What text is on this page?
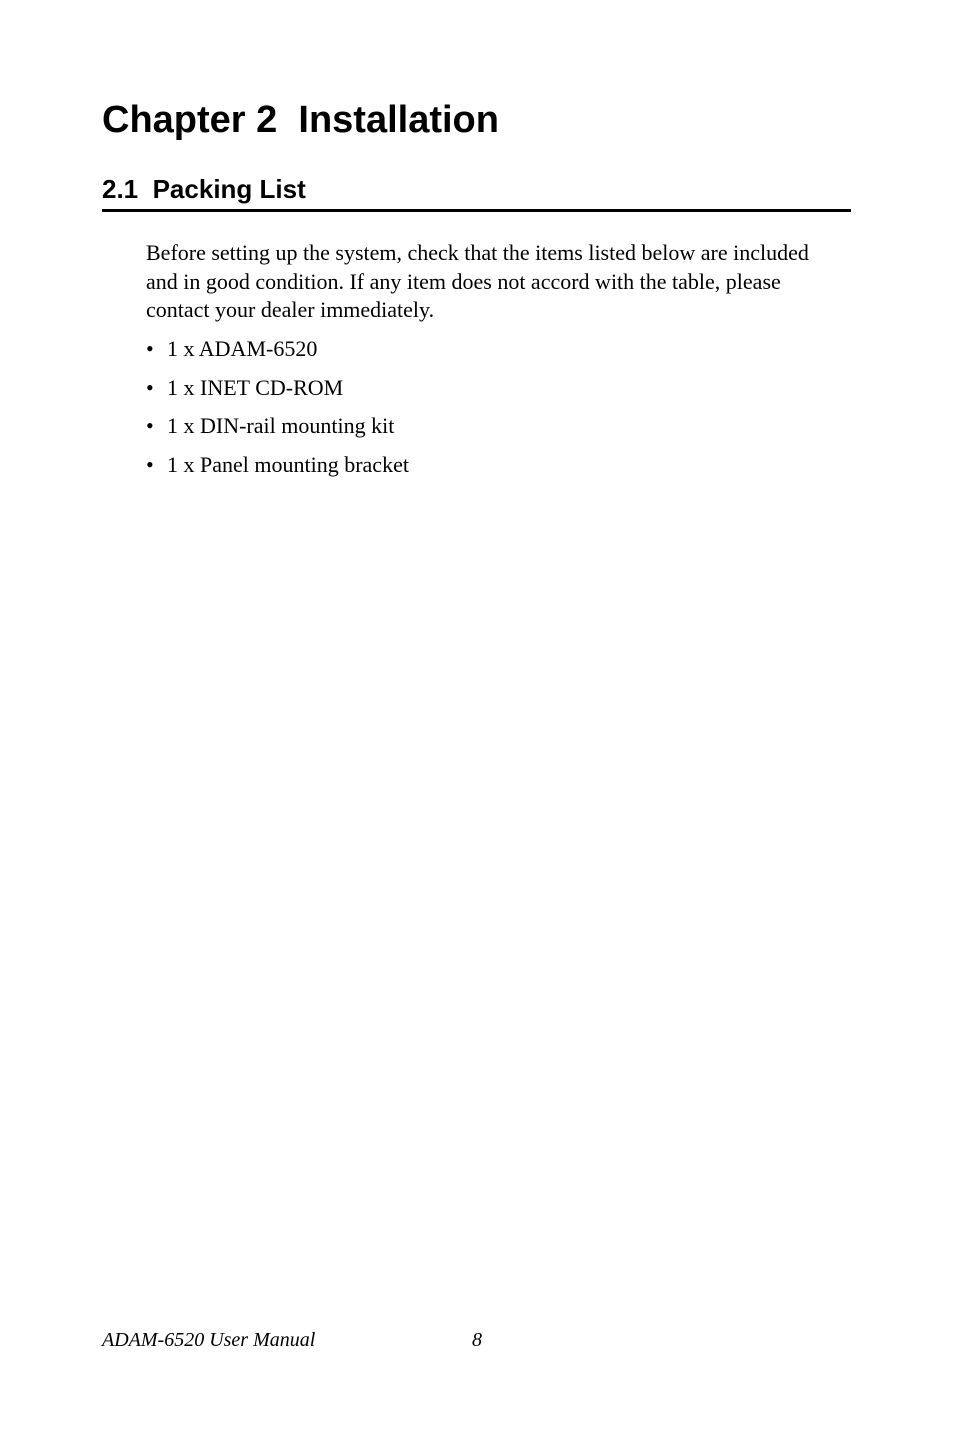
Chapter 2  Installation
2.1  Packing List

Before setting up the system, check that the items listed below are included and in good condition. If any item does not accord with the table, please contact your dealer immediately.

• 1 x ADAM-6520
• 1 x INET CD-ROM
• 1 x DIN-rail mounting kit
• 1 x Panel mounting bracket
ADAM-6520 User Manual	8
